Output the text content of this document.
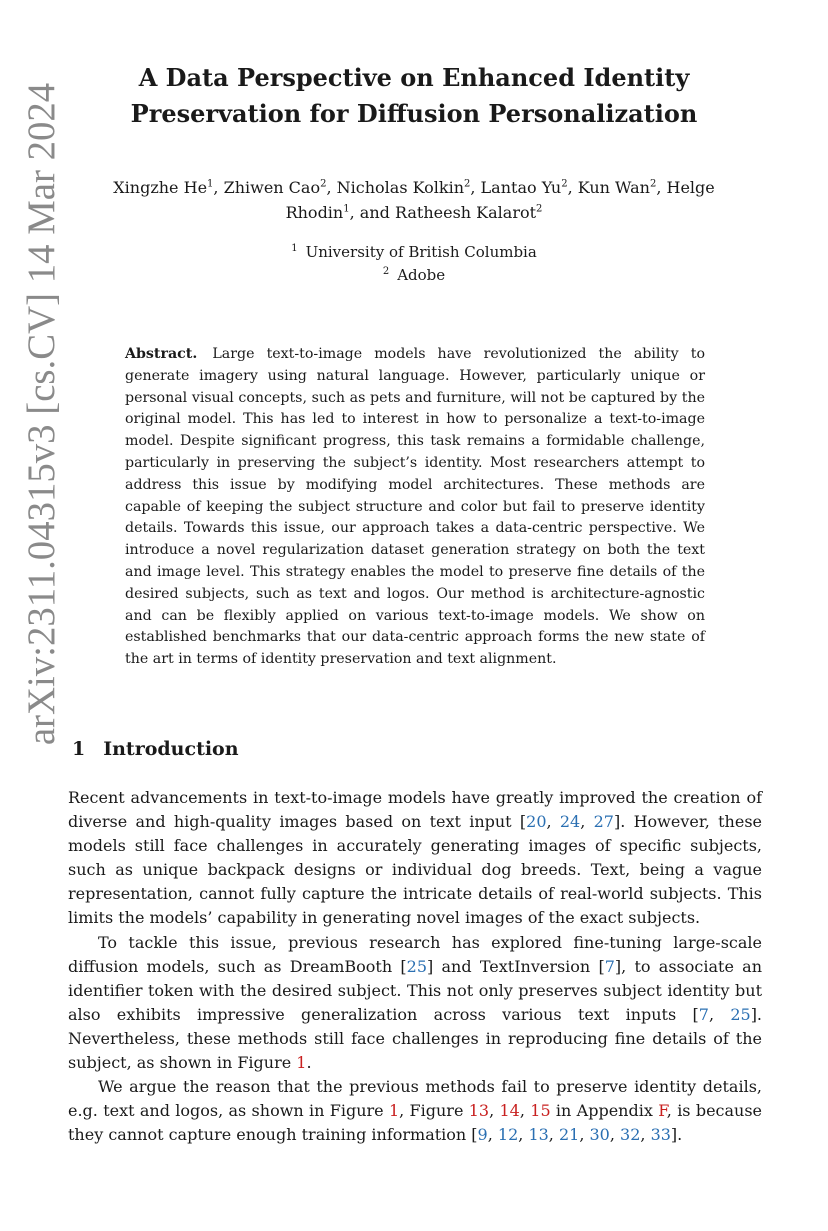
arXiv:2311.04315v3 [cs.CV] 14 Mar 2024
A Data Perspective on Enhanced Identity
Preservation for Diffusion Personalization
Xingzhe He$^1$, Zhiwen Cao$^2$, Nicholas Kolkin$^2$, Lantao Yu$^2$, Kun Wan$^2$, Helge Rhodin$^1$, and Ratheesh Kalarot$^2$
$^1$ University of British Columbia
$^2$ Adobe

Abstract. Large text-to-image models have revolutionized the ability to generate imagery using natural language. However, particularly unique or personal visual concepts, such as pets and furniture, will not be captured by the original model. This has led to interest in how to personalize a text-to-image model. Despite significant progress, this task remains a formidable challenge, particularly in preserving the subject’s identity. Most researchers attempt to address this issue by modifying model architectures. These methods are capable of keeping the subject structure and color but fail to preserve identity details. Towards this issue, our approach takes a data-centric perspective. We introduce a novel regularization dataset generation strategy on both the text and image level. This strategy enables the model to preserve fine details of the desired subjects, such as text and logos. Our method is architecture-agnostic and can be flexibly applied on various text-to-image models. We show on established benchmarks that our data-centric approach forms the new state of the art in terms of identity preservation and text alignment.

1 Introduction

Recent advancements in text-to-image models have greatly improved the creation of diverse and high-quality images based on text input [20, 24, 27]. However, these models still face challenges in accurately generating images of specific subjects, such as unique backpack designs or individual dog breeds. Text, being a vague representation, cannot fully capture the intricate details of real-world subjects. This limits the models’ capability in generating novel images of the exact subjects.

To tackle this issue, previous research has explored fine-tuning large-scale diffusion models, such as DreamBooth [25] and TextInversion [7], to associate an identifier token with the desired subject. This not only preserves subject identity but also exhibits impressive generalization across various text inputs [7, 25]. Nevertheless, these methods still face challenges in reproducing fine details of the subject, as shown in Figure 1.

We argue the reason that the previous methods fail to preserve identity details, e.g. text and logos, as shown in Figure 1, Figure 13, 14, 15 in Appendix F, is because they cannot capture enough training information [9, 12, 13, 21, 30, 32, 33].
